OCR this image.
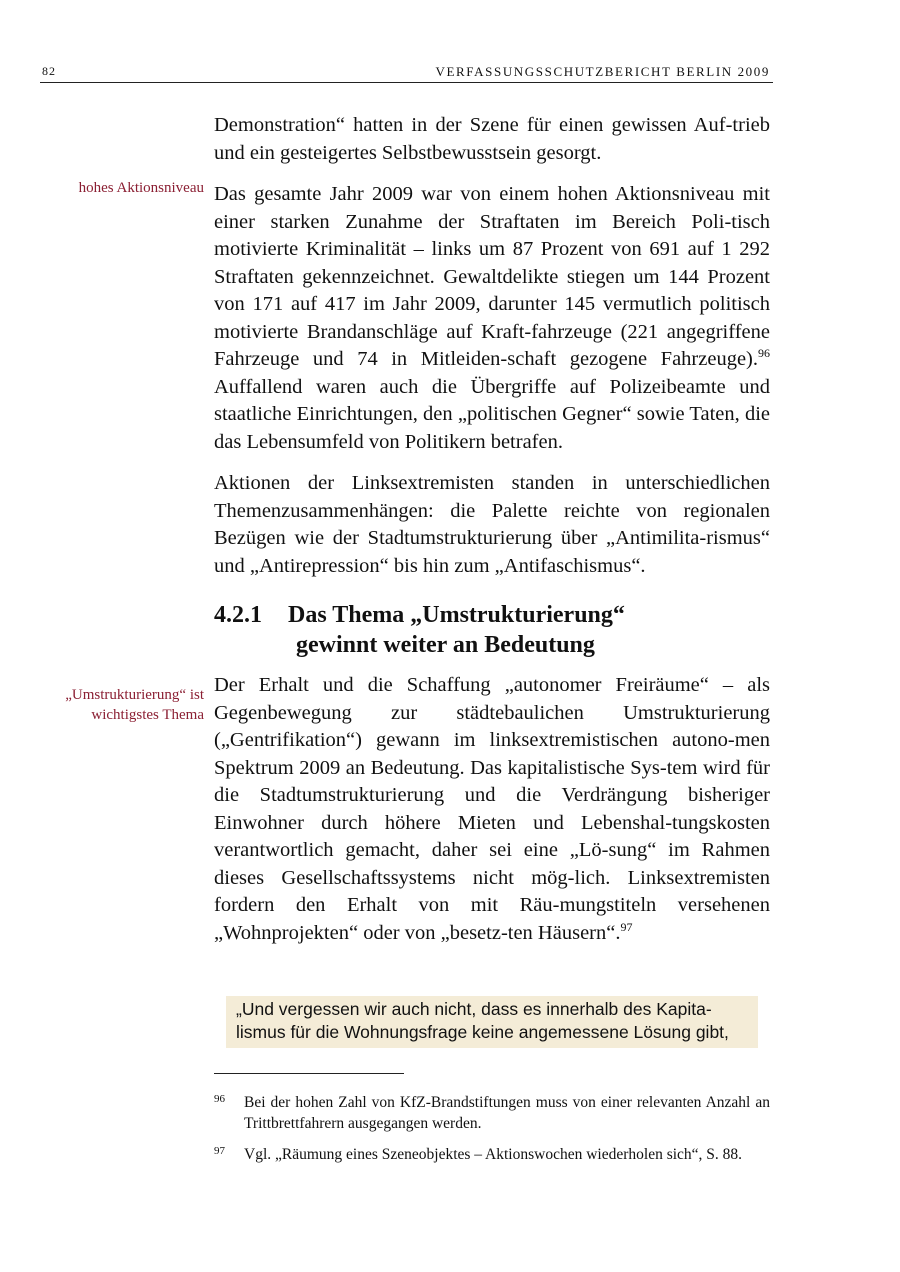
82	VERFASSUNGSSCHUTZBERICHT BERLIN 2009
hohes Aktionsniveau
„Umstrukturierung“ ist wichtigstes Thema

Demonstration“ hatten in der Szene für einen gewissen Auf-trieb und ein gesteigertes Selbstbewusstsein gesorgt.

Das gesamte Jahr 2009 war von einem hohen Aktionsniveau mit einer starken Zunahme der Straftaten im Bereich Poli-tisch motivierte Kriminalität – links um 87 Prozent von 691 auf 1 292 Straftaten gekennzeichnet. Gewaltdelikte stiegen um 144 Prozent von 171 auf 417 im Jahr 2009, darunter 145 vermutlich politisch motivierte Brandanschläge auf Kraft-fahrzeuge (221 angegriffene Fahrzeuge und 74 in Mitleiden-schaft gezogene Fahrzeuge).$^{96}$ Auffallend waren auch die Übergriffe auf Polizeibeamte und staatliche Einrichtungen, den „politischen Gegner“ sowie Taten, die das Lebensumfeld von Politikern betrafen.

Aktionen der Linksextremisten standen in unterschiedlichen Themenzusammenhängen: die Palette reichte von regionalen Bezügen wie der Stadtumstrukturierung über „Antimilita-rismus“ und „Antirepression“ bis hin zum „Antifaschismus“.

4.2.1 Das Thema „Umstrukturierung“
gewinnt weiter an Bedeutung

Der Erhalt und die Schaffung „autonomer Freiräume“ – als Gegenbewegung zur städtebaulichen Umstrukturierung („Gentrifikation“) gewann im linksextremistischen autono-men Spektrum 2009 an Bedeutung. Das kapitalistische Sys-tem wird für die Stadtumstrukturierung und die Verdrängung bisheriger Einwohner durch höhere Mieten und Lebenshal-tungskosten verantwortlich gemacht, daher sei eine „Lö-sung“ im Rahmen dieses Gesellschaftssystems nicht mög-lich. Linksextremisten fordern den Erhalt von mit Räu-mungstiteln versehenen „Wohnprojekten“ oder von „besetz-ten Häusern“.$^{97}$

„Und vergessen wir auch nicht, dass es innerhalb des Kapita-lismus für die Wohnungsfrage keine angemessene Lösung gibt,
96	Bei der hohen Zahl von KfZ-Brandstiftungen muss von einer relevanten Anzahl an Trittbrettfahrern ausgegangen werden.
97	Vgl. „Räumung eines Szeneobjektes – Aktionswochen wiederholen sich“, S. 88.
